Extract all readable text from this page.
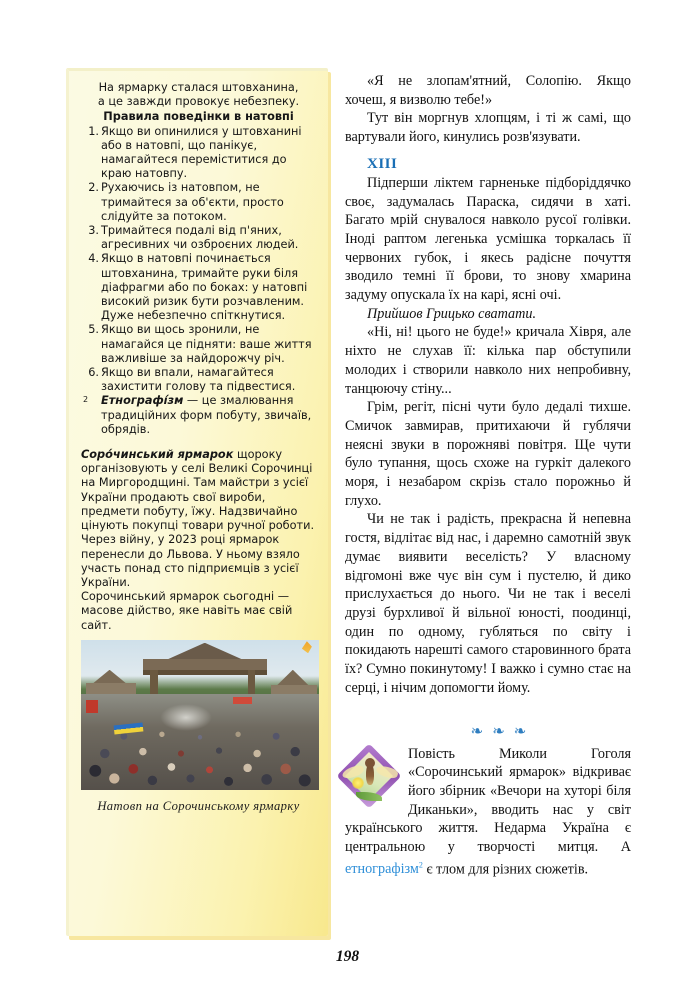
На ярмарку сталася штовханина,
а це завжди провокує небезпеку.
Правила поведінки в натовпі
1. Якщо ви опинилися у штовханині або в натовпі, що панікує, намагайтеся переміститися до краю натовпу.
2. Рухаючись із натовпом, не тримайтеся за об'єкти, просто слідуйте за потоком.
3. Тримайтеся подалі від п'яних, агресивних чи озброєних людей.
4. Якщо в натовпі починається штовханина, тримайте руки біля діафрагми або по боках: у натовпі високий ризик бути розчавленим. Дуже небезпечно спіткнутися.
5. Якщо ви щось зронили, не намагайся це підняти: ваше життя важливіше за найдорожчу річ.
6. Якщо ви впали, намагайтеся захистити голову та підвестися.
2 Етнографі́зм — це змалювання традиційних форм побуту, звичаїв, обрядів.
Соро́чинський ярмарок щороку організовують у селі Великі Сорочинці на Миргородщині. Там майстри з усієї України продають свої вироби, предмети побуту, їжу. Надзвичайно цінують покупці товари ручної роботи. Через війну, у 2023 році ярмарок перенесли до Львова. У ньому взяло участь понад сто підприємців з усієї України.
Сорочинський ярмарок сьогодні — масове дійство, яке навіть має свій сайт.
Натовп на Сорочинському ярмарку

«Я не злопам'ятний, Солопію. Якщо хочеш, я визволю тебе!»

Тут він моргнув хлопцям, і ті ж самі, що вартували його, кинулись розв'язувати.

XIII

Підперши ліктем гарненьке підборіддячко своє, задумалась Параска, сидячи в хаті. Багато мрій снувалося навколо русої голівки. Іноді раптом легенька усмішка торкалась її червоних губок, і якесь радісне почуття зводило темні її брови, то знову хмарина задуму опускала їх на карі, ясні очі.

Прийшов Грицько сватати.

«Ні, ні! цього не буде!» кричала Хівря, але ніхто не слухав її: кілька пар обступили молодих і створили навколо них непробивну, танцюючу стіну...

Грім, регіт, пісні чути було дедалі тихше. Смичок завмирав, притихаючи й гублячи неясні звуки в порожняві повітря. Ще чути було тупання, щось схоже на гуркіт далекого моря, і незабаром скрізь стало порожньо й глухо.

Чи не так і радість, прекрасна й непевна гостя, відлітає від нас, і даремно самотній звук думає виявити веселість? У власному відгомоні вже чує він сум і пустелю, й дико прислухається до нього. Чи не так і веселі друзі бурхливої й вільної юності, поодинці, один по одному, губляться по світу і покидають нарешті самого старовинного брата їх? Сумно покинутому! І важко і сумно стає на серці, і нічим допомогти йому.

❧❧❧

Повість Миколи Гоголя «Сорочинський ярмарок» відкриває його збірник «Вечори на хуторі біля Диканьки», вводить нас у світ українського життя. Недарма Україна є центральною у творчості митця. А етнографізм$^2$ є тлом для різних сюжетів.

198
